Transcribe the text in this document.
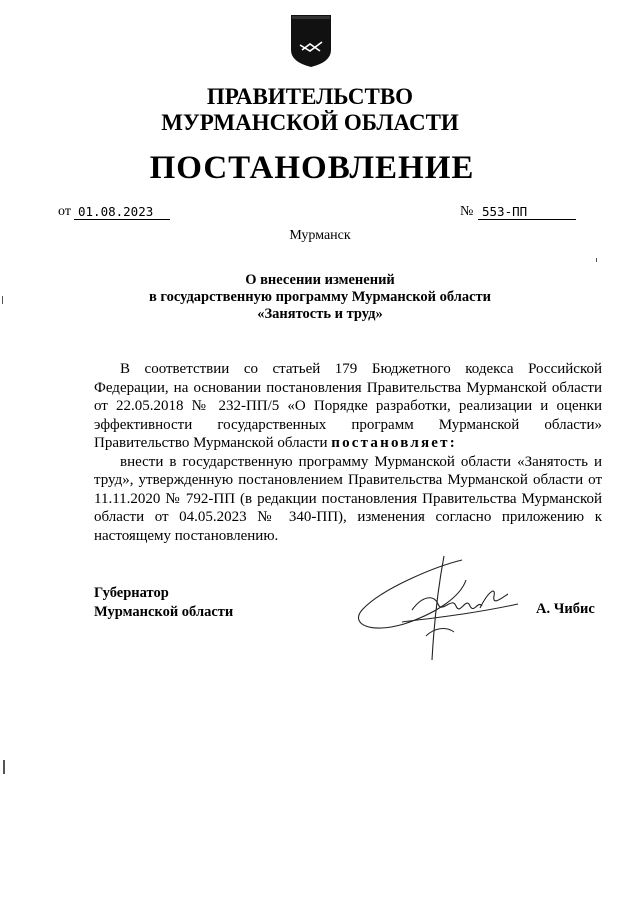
ПРАВИТЕЛЬСТВО
МУРМАНСКОЙ ОБЛАСТИ
ПОСТАНОВЛЕНИЕ
от 01.08.2023	№ 553-ПП
Мурманск
О внесении изменений
в государственную программу Мурманской области
«Занятость и труд»

В соответствии со статьей 179 Бюджетного кодекса Российской Федерации, на основании постановления Правительства Мурманской области от 22.05.2018 № 232-ПП/5 «О Порядке разработки, реализации и оценки эффективности государственных программ Мурманской области» Правительство Мурманской области постановляет:

внести в государственную программу Мурманской области «Занятость и труд», утвержденную постановлением Правительства Мурманской области от 11.11.2020 № 792-ПП (в редакции постановления Правительства Мурманской области от 04.05.2023 № 340-ПП), изменения согласно приложению к настоящему постановлению.

Губернатор
Мурманской области	А. Чибис
